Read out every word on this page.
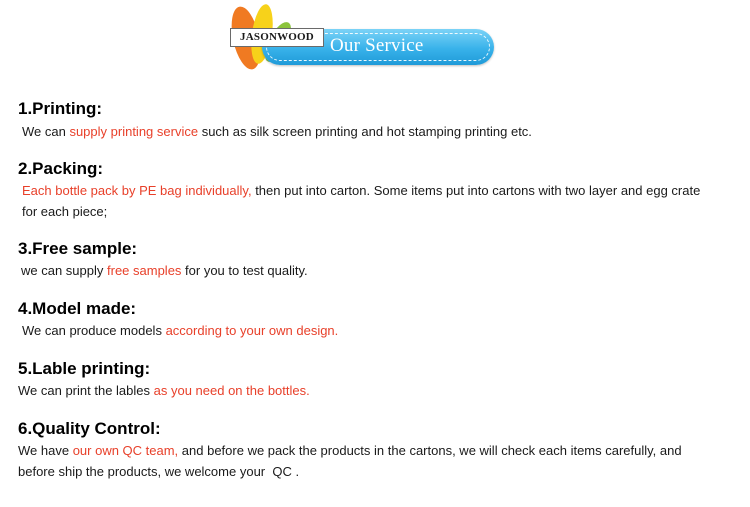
Our Service
JASONWOOD

1.Printing:

We can supply printing service such as silk screen printing and hot stamping printing etc.

2.Packing:

Each bottle pack by PE bag individually, then put into carton. Some items put into cartons with two layer and egg crate

for each piece;

3.Free sample:

we can supply free samples for you to test quality.

4.Model made:

We can produce models according to your own design.

5.Lable printing:

We can print the lables as you need on the bottles.

6.Quality Control:

We have our own QC team, and before we pack the products in the cartons, we will check each items carefully, and

before ship the products, we welcome your  QC .
